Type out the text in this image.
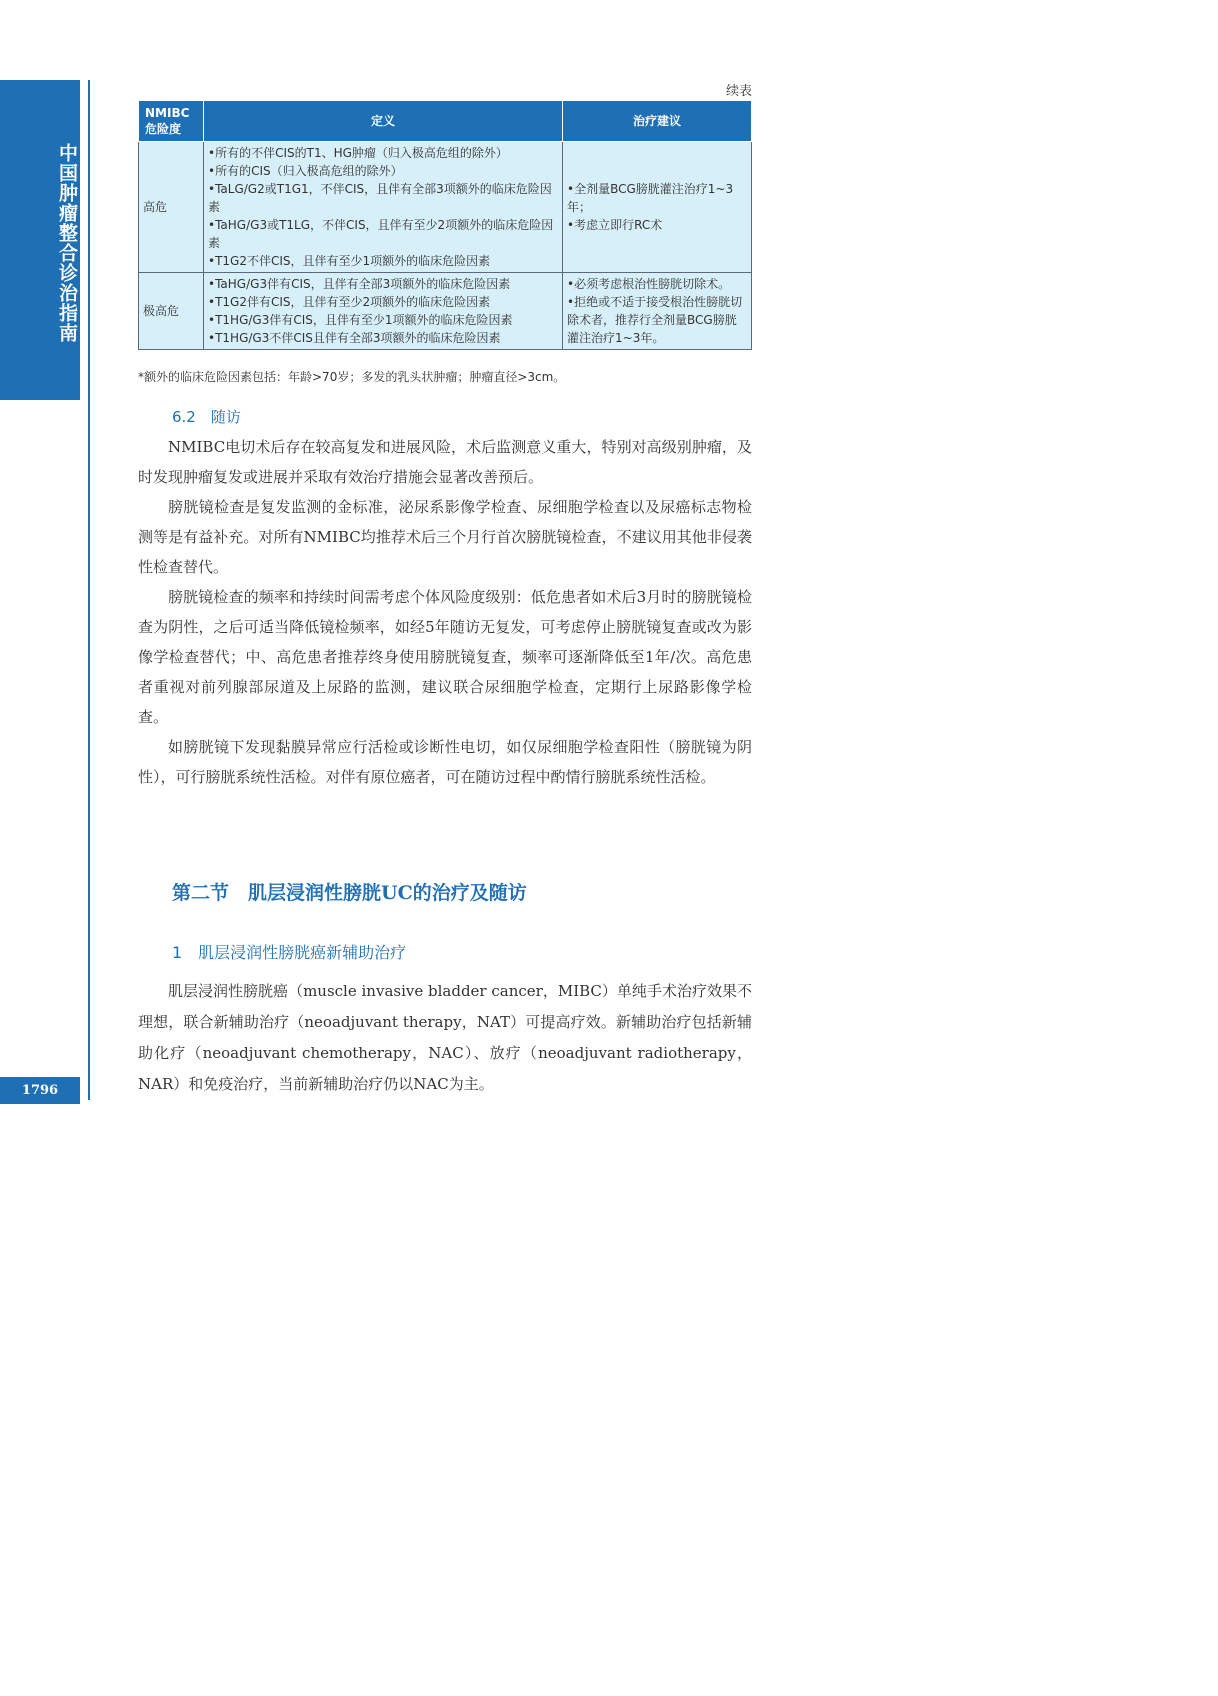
中国肿瘤整合诊治指南
1796
续表
NMIBC危险度	定义	治疗建议
高危	•所有的不伴CIS的T1、HG肿瘤（归入极高危组的除外）
•所有的CIS（归入极高危组的除外）
•TaLG/G2或T1G1，不伴CIS，且伴有全部3项额外的临床危险因素
•TaHG/G3或T1LG，不伴CIS，且伴有至少2项额外的临床危险因素
•T1G2不伴CIS，且伴有至少1项额外的临床危险因素	•全剂量BCG膀胱灌注治疗1~3年；
•考虑立即行RC术

极高危	•TaHG/G3伴有CIS，且伴有全部3项额外的临床危险因素
•T1G2伴有CIS，且伴有至少2项额外的临床危险因素
•T1HG/G3伴有CIS，且伴有至少1项额外的临床危险因素
•T1HG/G3不伴CIS且伴有全部3项额外的临床危险因素	•必须考虑根治性膀胱切除术。
•拒绝或不适于接受根治性膀胱切除术者，推荐行全剂量BCG膀胱灌注治疗1~3年。
*额外的临床危险因素包括：年龄>70岁；多发的乳头状肿瘤；肿瘤直径>3cm。
6.2　随访

NMIBC电切术后存在较高复发和进展风险，术后监测意义重大，特别对高级别肿瘤，及时发现肿瘤复发或进展并采取有效治疗措施会显著改善预后。

膀胱镜检查是复发监测的金标准，泌尿系影像学检查、尿细胞学检查以及尿癌标志物检测等是有益补充。对所有NMIBC均推荐术后三个月行首次膀胱镜检查，不建议用其他非侵袭性检查替代。

膀胱镜检查的频率和持续时间需考虑个体风险度级别：低危患者如术后3月时的膀胱镜检查为阴性，之后可适当降低镜检频率，如经5年随访无复发，可考虑停止膀胱镜复查或改为影像学检查替代；中、高危患者推荐终身使用膀胱镜复查，频率可逐渐降低至1年/次。高危患者重视对前列腺部尿道及上尿路的监测，建议联合尿细胞学检查，定期行上尿路影像学检查。

如膀胱镜下发现黏膜异常应行活检或诊断性电切，如仅尿细胞学检查阳性（膀胱镜为阴性），可行膀胱系统性活检。对伴有原位癌者，可在随访过程中酌情行膀胱系统性活检。

第二节　肌层浸润性膀胱UC的治疗及随访
1　肌层浸润性膀胱癌新辅助治疗

肌层浸润性膀胱癌（muscle invasive bladder cancer，MIBC）单纯手术治疗效果不理想，联合新辅助治疗（neoadjuvant therapy，NAT）可提高疗效。新辅助治疗包括新辅助化疗（neoadjuvant chemotherapy，NAC）、放疗（neoadjuvant radiotherapy，NAR）和免疫治疗，当前新辅助治疗仍以NAC为主。
